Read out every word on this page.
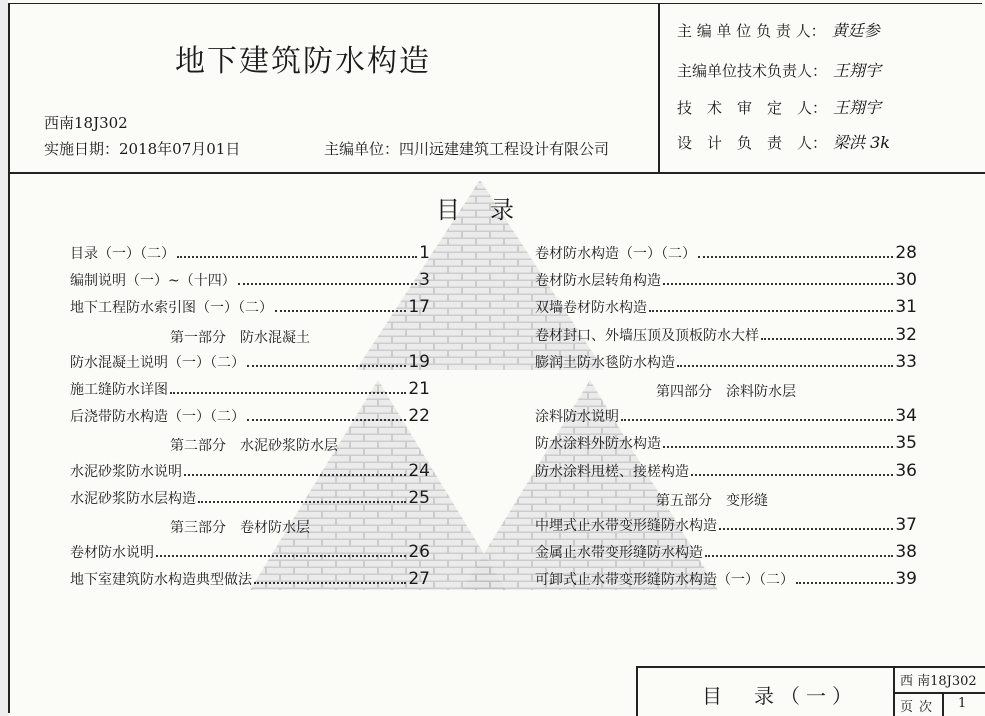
地下建筑防水构造
西南18J302
实施日期：2018年07月01日	主编单位：四川远建建筑工程设计有限公司
主 编 单 位 负 责 人： 黄廷参
主编单位技术负责人： 王翔宇
技　术　审　定　人： 王翔宇
设　计　负　责　人： 梁洪 3k
目录
目录（一）（二）	1
编制说明（一）~（十四）	3
地下工程防水索引图（一）（二）	17
第一部分　防水混凝土
防水混凝土说明（一）（二）	19
施工缝防水详图	21
后浇带防水构造（一）（二）	22
第二部分　水泥砂浆防水层
水泥砂浆防水说明	24
水泥砂浆防水层构造	25
第三部分　卷材防水层
卷材防水说明	26
地下室建筑防水构造典型做法	27
卷材防水构造（一）（二）	28
卷材防水层转角构造	30
双墙卷材防水构造	31
卷材封口、外墙压顶及顶板防水大样	32
膨润土防水毯防水构造	33
第四部分　涂料防水层
涂料防水说明	34
防水涂料外防水构造	35
防水涂料甩槎、接槎构造	36
第五部分　变形缝
中埋式止水带变形缝防水构造	37
金属止水带变形缝防水构造	38
可卸式止水带变形缝防水构造（一）（二）	39
目　录（一）
西 南18J302
页次 1
